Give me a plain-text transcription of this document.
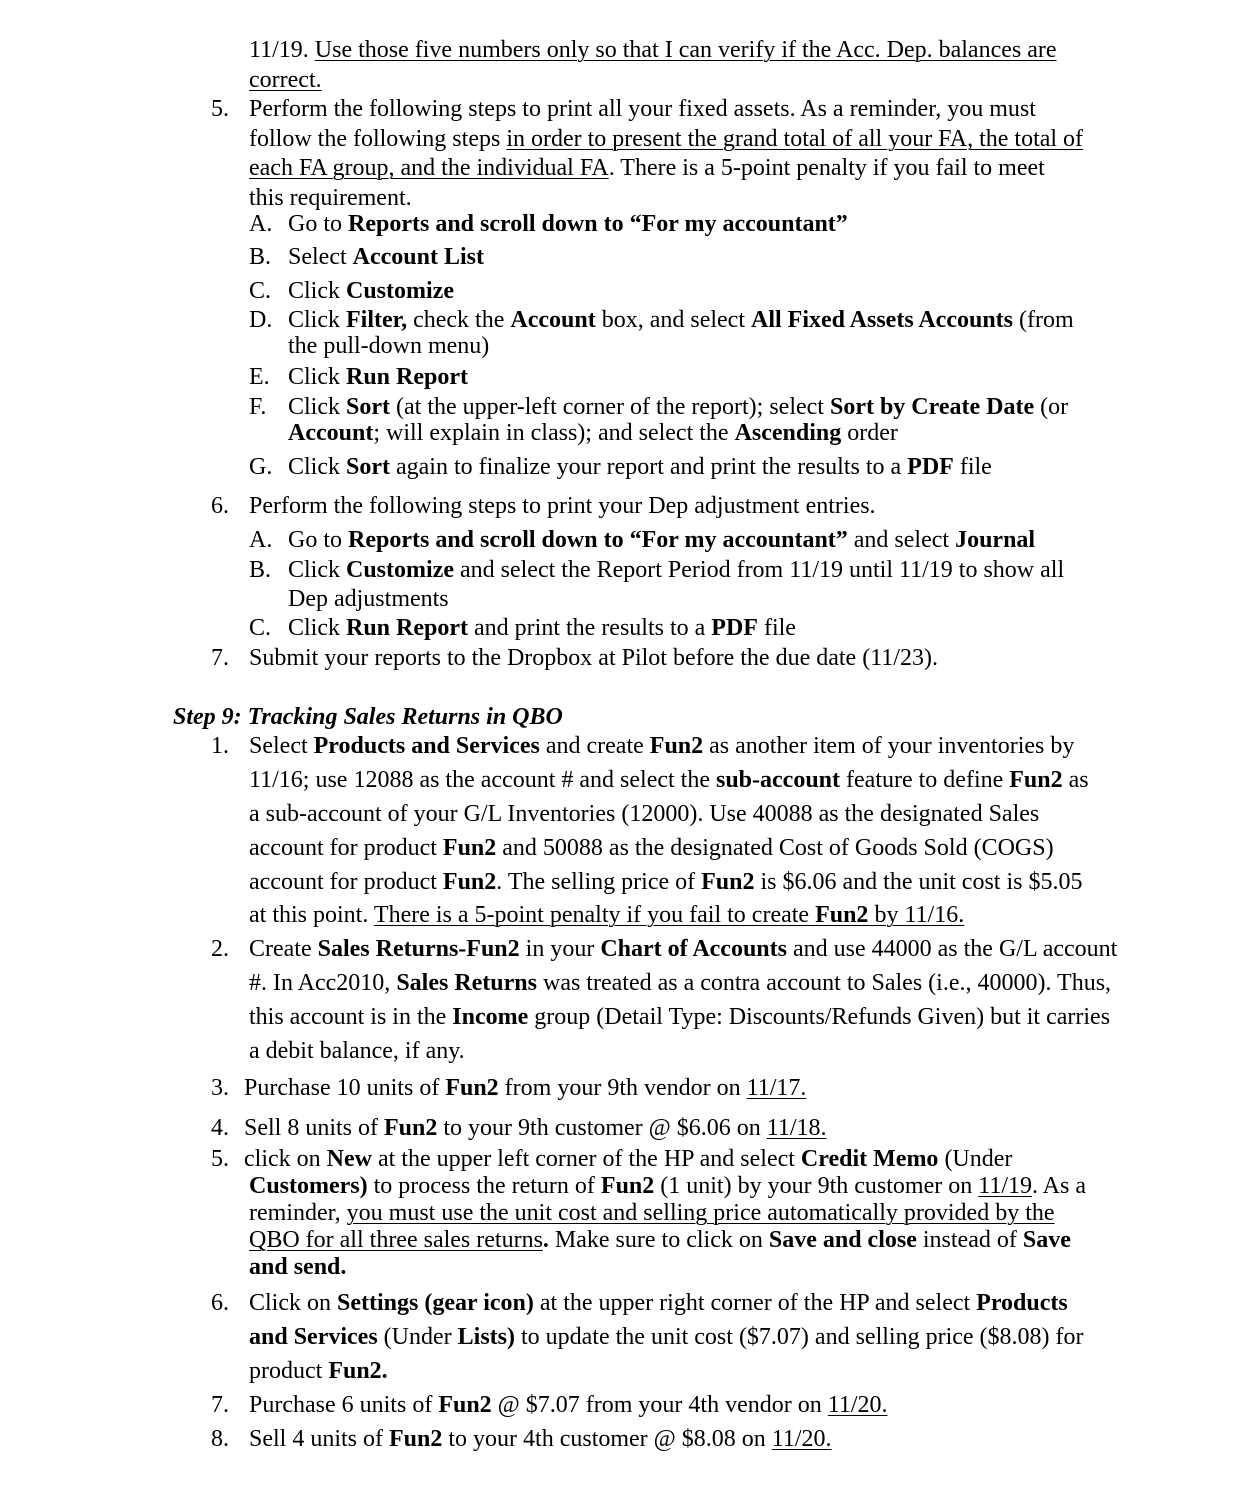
11/19. Use those five numbers only so that I can verify if the Acc. Dep. balances are
correct.
5. Perform the following steps to print all your fixed assets. As a reminder, you must
follow the following steps in order to present the grand total of all your FA, the total of
each FA group, and the individual FA. There is a 5-point penalty if you fail to meet
this requirement.
A. Go to Reports and scroll down to “For my accountant”
B. Select Account List
C. Click Customize
D. Click Filter, check the Account box, and select All Fixed Assets Accounts (from
the pull-down menu)
E. Click Run Report
F. Click Sort (at the upper-left corner of the report); select Sort by Create Date (or
Account; will explain in class); and select the Ascending order
G. Click Sort again to finalize your report and print the results to a PDF file
6. Perform the following steps to print your Dep adjustment entries.
A. Go to Reports and scroll down to “For my accountant” and select Journal
B. Click Customize and select the Report Period from 11/19 until 11/19 to show all
Dep adjustments
C. Click Run Report and print the results to a PDF file
7. Submit your reports to the Dropbox at Pilot before the due date (11/23).
Step 9: Tracking Sales Returns in QBO
1. Select Products and Services and create Fun2 as another item of your inventories by
11/16; use 12088 as the account # and select the sub-account feature to define Fun2 as
a sub-account of your G/L Inventories (12000). Use 40088 as the designated Sales
account for product Fun2 and 50088 as the designated Cost of Goods Sold (COGS)
account for product Fun2. The selling price of Fun2 is $6.06 and the unit cost is $5.05
at this point. There is a 5-point penalty if you fail to create Fun2 by 11/16.
2. Create Sales Returns-Fun2 in your Chart of Accounts and use 44000 as the G/L account
#. In Acc2010, Sales Returns was treated as a contra account to Sales (i.e., 40000). Thus,
this account is in the Income group (Detail Type: Discounts/Refunds Given) but it carries
a debit balance, if any.
3. Purchase 10 units of Fun2 from your 9th vendor on 11/17.
4. Sell 8 units of Fun2 to your 9th customer @ $6.06 on 11/18.
5. click on New at the upper left corner of the HP and select Credit Memo (Under
Customers) to process the return of Fun2 (1 unit) by your 9th customer on 11/19. As a
reminder, you must use the unit cost and selling price automatically provided by the
QBO for all three sales returns. Make sure to click on Save and close instead of Save
and send.
6. Click on Settings (gear icon) at the upper right corner of the HP and select Products
and Services (Under Lists) to update the unit cost ($7.07) and selling price ($8.08) for
product Fun2.
7. Purchase 6 units of Fun2 @ $7.07 from your 4th vendor on 11/20.
8. Sell 4 units of Fun2 to your 4th customer @ $8.08 on 11/20.
